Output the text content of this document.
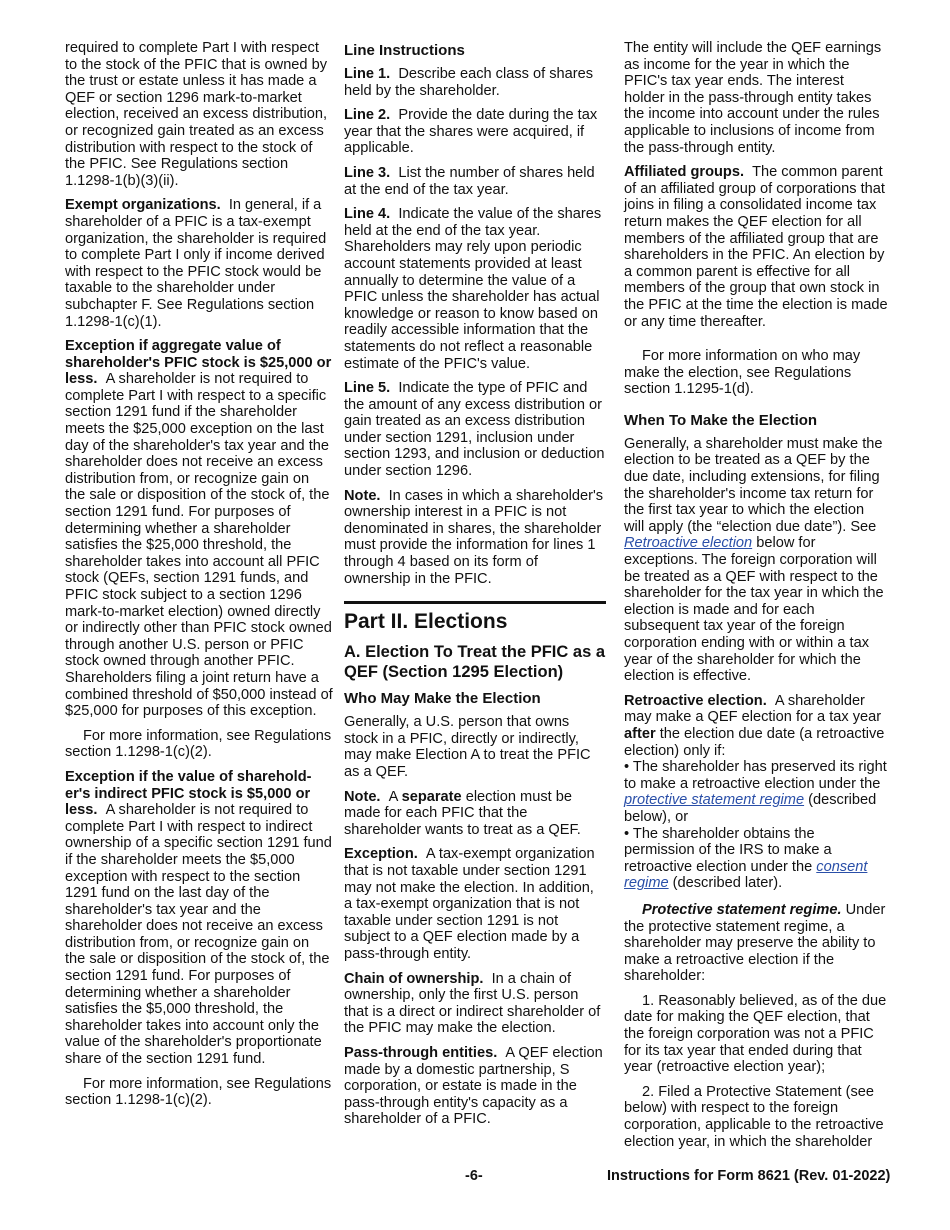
required to complete Part I with respect to the stock of the PFIC that is owned by the trust or estate unless it has made a QEF or section 1296 mark-to-market election, received an excess distribution, or recognized gain treated as an excess distribution with respect to the stock of the PFIC. See Regulations section 1.1298-1(b)(3)(ii).

Exempt organizations. In general, if a shareholder of a PFIC is a tax-exempt organization, the shareholder is required to complete Part I only if income derived with respect to the PFIC stock would be taxable to the shareholder under subchapter F. See Regulations section 1.1298-1(c)(1).

Exception if aggregate value of shareholder's PFIC stock is $25,000 or less. A shareholder is not required to complete Part I with respect to a specific section 1291 fund if the shareholder meets the $25,000 exception on the last day of the shareholder's tax year and the shareholder does not receive an excess distribution from, or recognize gain on the sale or disposition of the stock of, the section 1291 fund. For purposes of determining whether a shareholder satisfies the $25,000 threshold, the shareholder takes into account all PFIC stock (QEFs, section 1291 funds, and PFIC stock subject to a section 1296 mark-to-market election) owned directly or indirectly other than PFIC stock owned through another U.S. person or PFIC stock owned through another PFIC. Shareholders filing a joint return have a combined threshold of $50,000 instead of $25,000 for purposes of this exception.

For more information, see Regulations section 1.1298-1(c)(2).

Exception if the value of sharehold-er's indirect PFIC stock is $5,000 or less. A shareholder is not required to complete Part I with respect to indirect ownership of a specific section 1291 fund if the shareholder meets the $5,000 exception with respect to the section 1291 fund on the last day of the shareholder's tax year and the shareholder does not receive an excess distribution from, or recognize gain on the sale or disposition of the stock of, the section 1291 fund. For purposes of determining whether a shareholder satisfies the $5,000 threshold, the shareholder takes into account only the value of the shareholder's proportionate share of the section 1291 fund.

For more information, see Regulations section 1.1298-1(c)(2).

Line Instructions

Line 1. Describe each class of shares held by the shareholder.

Line 2. Provide the date during the tax year that the shares were acquired, if applicable.

Line 3. List the number of shares held at the end of the tax year.

Line 4. Indicate the value of the shares held at the end of the tax year. Shareholders may rely upon periodic account statements provided at least annually to determine the value of a PFIC unless the shareholder has actual knowledge or reason to know based on readily accessible information that the statements do not reflect a reasonable estimate of the PFIC's value.

Line 5. Indicate the type of PFIC and the amount of any excess distribution or gain treated as an excess distribution under section 1291, inclusion under section 1293, and inclusion or deduction under section 1296.

Note. In cases in which a shareholder's ownership interest in a PFIC is not denominated in shares, the shareholder must provide the information for lines 1 through 4 based on its form of ownership in the PFIC.

Part II. Elections
A. Election To Treat the PFIC as a QEF (Section 1295 Election)
Who May Make the Election

Generally, a U.S. person that owns stock in a PFIC, directly or indirectly, may make Election A to treat the PFIC as a QEF.

Note. A separate election must be made for each PFIC that the shareholder wants to treat as a QEF.

Exception. A tax-exempt organization that is not taxable under section 1291 may not make the election. In addition, a tax-exempt organization that is not taxable under section 1291 is not subject to a QEF election made by a pass-through entity.

Chain of ownership. In a chain of ownership, only the first U.S. person that is a direct or indirect shareholder of the PFIC may make the election.

Pass-through entities. A QEF election made by a domestic partnership, S corporation, or estate is made in the pass-through entity's capacity as a shareholder of a PFIC.

The entity will include the QEF earnings as income for the year in which the PFIC's tax year ends. The interest holder in the pass-through entity takes the income into account under the rules applicable to inclusions of income from the pass-through entity.

Affiliated groups. The common parent of an affiliated group of corporations that joins in filing a consolidated income tax return makes the QEF election for all members of the affiliated group that are shareholders in the PFIC. An election by a common parent is effective for all members of the group that own stock in the PFIC at the time the election is made or any time thereafter.

For more information on who may make the election, see Regulations section 1.1295-1(d).

When To Make the Election

Generally, a shareholder must make the election to be treated as a QEF by the due date, including extensions, for filing the shareholder's income tax return for the first tax year to which the election will apply (the “election due date”). See Retroactive election below for exceptions. The foreign corporation will be treated as a QEF with respect to the shareholder for the tax year in which the election is made and for each subsequent tax year of the foreign corporation ending with or within a tax year of the shareholder for which the election is effective.

Retroactive election. A shareholder may make a QEF election for a tax year after the election due date (a retroactive election) only if:
• The shareholder has preserved its right to make a retroactive election under the protective statement regime (described below), or
• The shareholder obtains the permission of the IRS to make a retroactive election under the consent regime (described later).

Protective statement regime. Under the protective statement regime, a shareholder may preserve the ability to make a retroactive election if the shareholder:

1. Reasonably believed, as of the due date for making the QEF election, that the foreign corporation was not a PFIC for its tax year that ended during that year (retroactive election year);

2. Filed a Protective Statement (see below) with respect to the foreign corporation, applicable to the retroactive election year, in which the shareholder

-6-	Instructions for Form 8621 (Rev. 01-2022)
